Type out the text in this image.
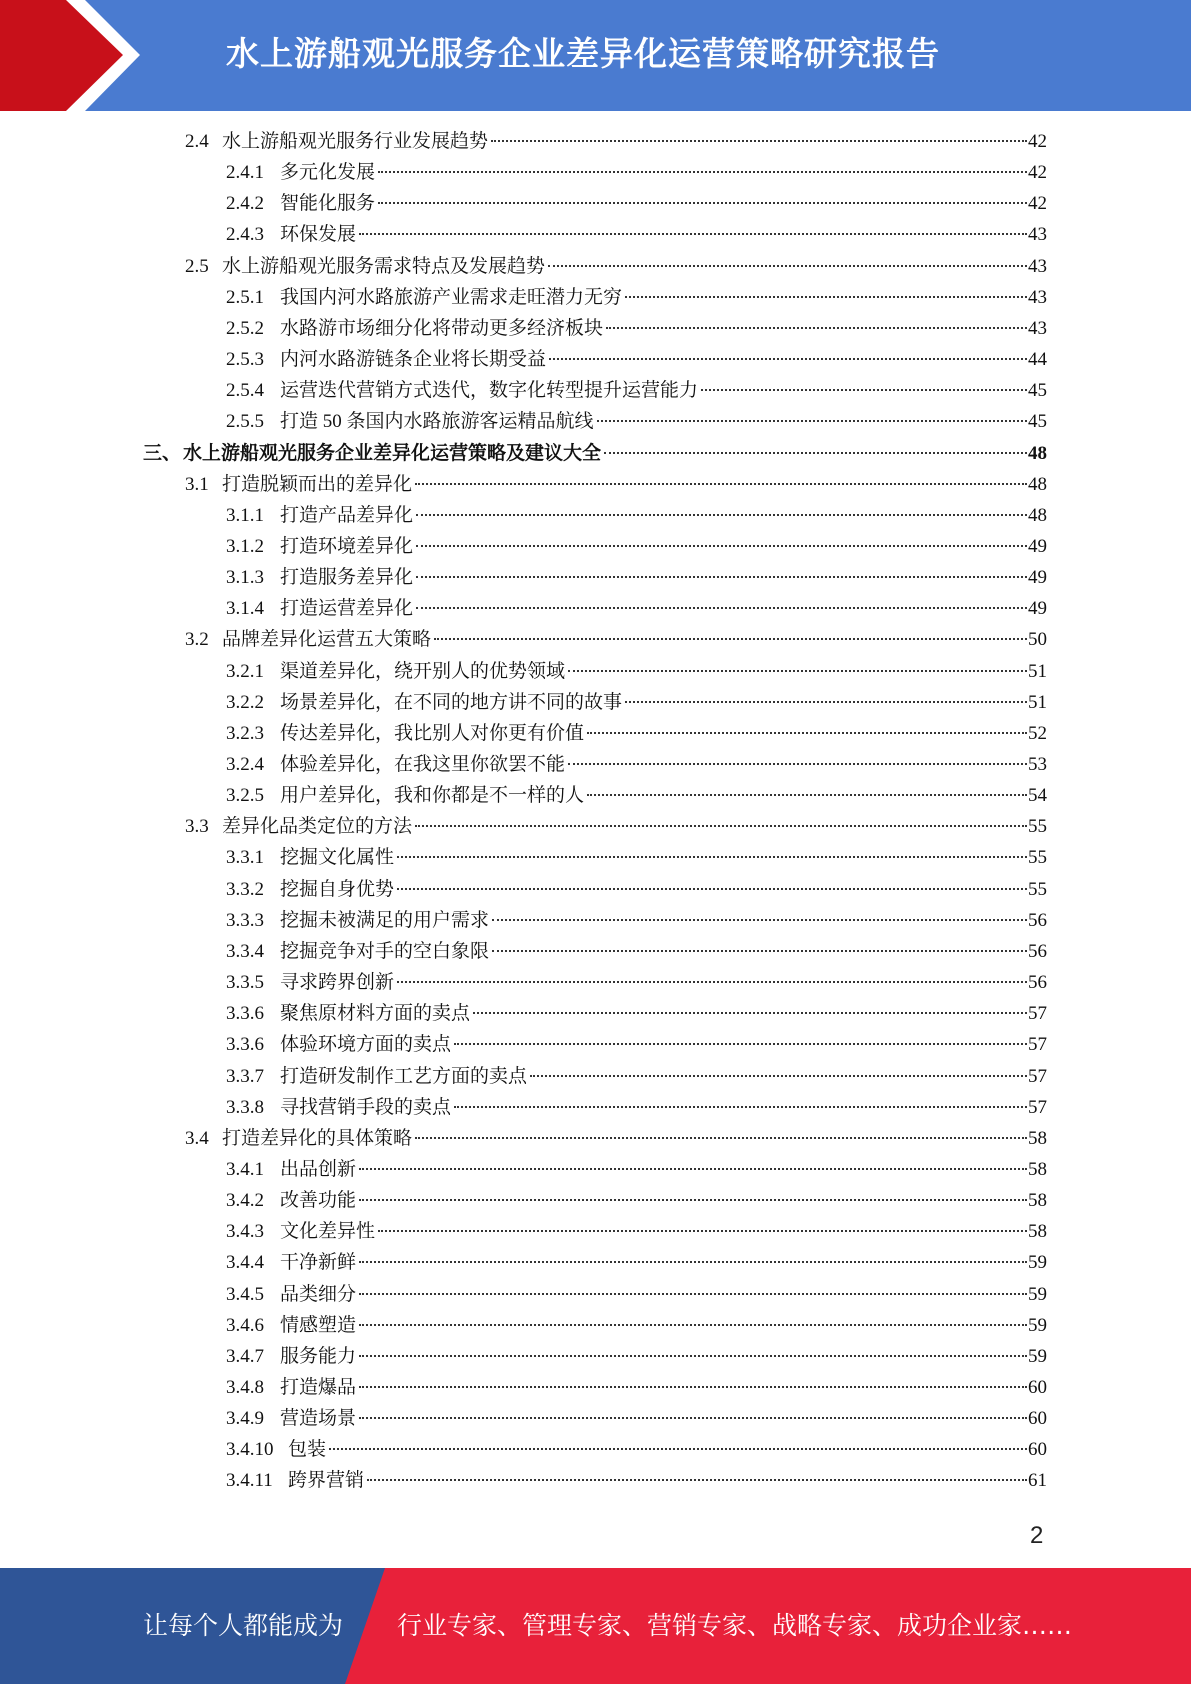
水上游船观光服务企业差异化运营策略研究报告
2.4 水上游船观光服务行业发展趋势	42
2.4.1 多元化发展	42
2.4.2 智能化服务	42
2.4.3 环保发展	43
2.5 水上游船观光服务需求特点及发展趋势	43
2.5.1 我国内河水路旅游产业需求走旺潜力无穷	43
2.5.2 水路游市场细分化将带动更多经济板块	43
2.5.3 内河水路游链条企业将长期受益	44
2.5.4 运营迭代营销方式迭代，数字化转型提升运营能力	45
2.5.5 打造 50 条国内水路旅游客运精品航线	45
三、 水上游船观光服务企业差异化运营策略及建议大全	48
3.1 打造脱颖而出的差异化	48
3.1.1 打造产品差异化	48
3.1.2 打造环境差异化	49
3.1.3 打造服务差异化	49
3.1.4 打造运营差异化	49
3.2 品牌差异化运营五大策略	50
3.2.1 渠道差异化，绕开别人的优势领域	51
3.2.2 场景差异化，在不同的地方讲不同的故事	51
3.2.3 传达差异化，我比别人对你更有价值	52
3.2.4 体验差异化，在我这里你欲罢不能	53
3.2.5 用户差异化，我和你都是不一样的人	54
3.3 差异化品类定位的方法	55
3.3.1 挖掘文化属性	55
3.3.2 挖掘自身优势	55
3.3.3 挖掘未被满足的用户需求	56
3.3.4 挖掘竞争对手的空白象限	56
3.3.5 寻求跨界创新	56
3.3.6 聚焦原材料方面的卖点	57
3.3.6 体验环境方面的卖点	57
3.3.7 打造研发制作工艺方面的卖点	57
3.3.8 寻找营销手段的卖点	57
3.4 打造差异化的具体策略	58
3.4.1 出品创新	58
3.4.2 改善功能	58
3.4.3 文化差异性	58
3.4.4 干净新鲜	59
3.4.5 品类细分	59
3.4.6 情感塑造	59
3.4.7 服务能力	59
3.4.8 打造爆品	60
3.4.9 营造场景	60
3.4.10 包装	60
3.4.11 跨界营销	61
2
让每个人都能成为 行业专家、管理专家、营销专家、战略专家、成功企业家……
